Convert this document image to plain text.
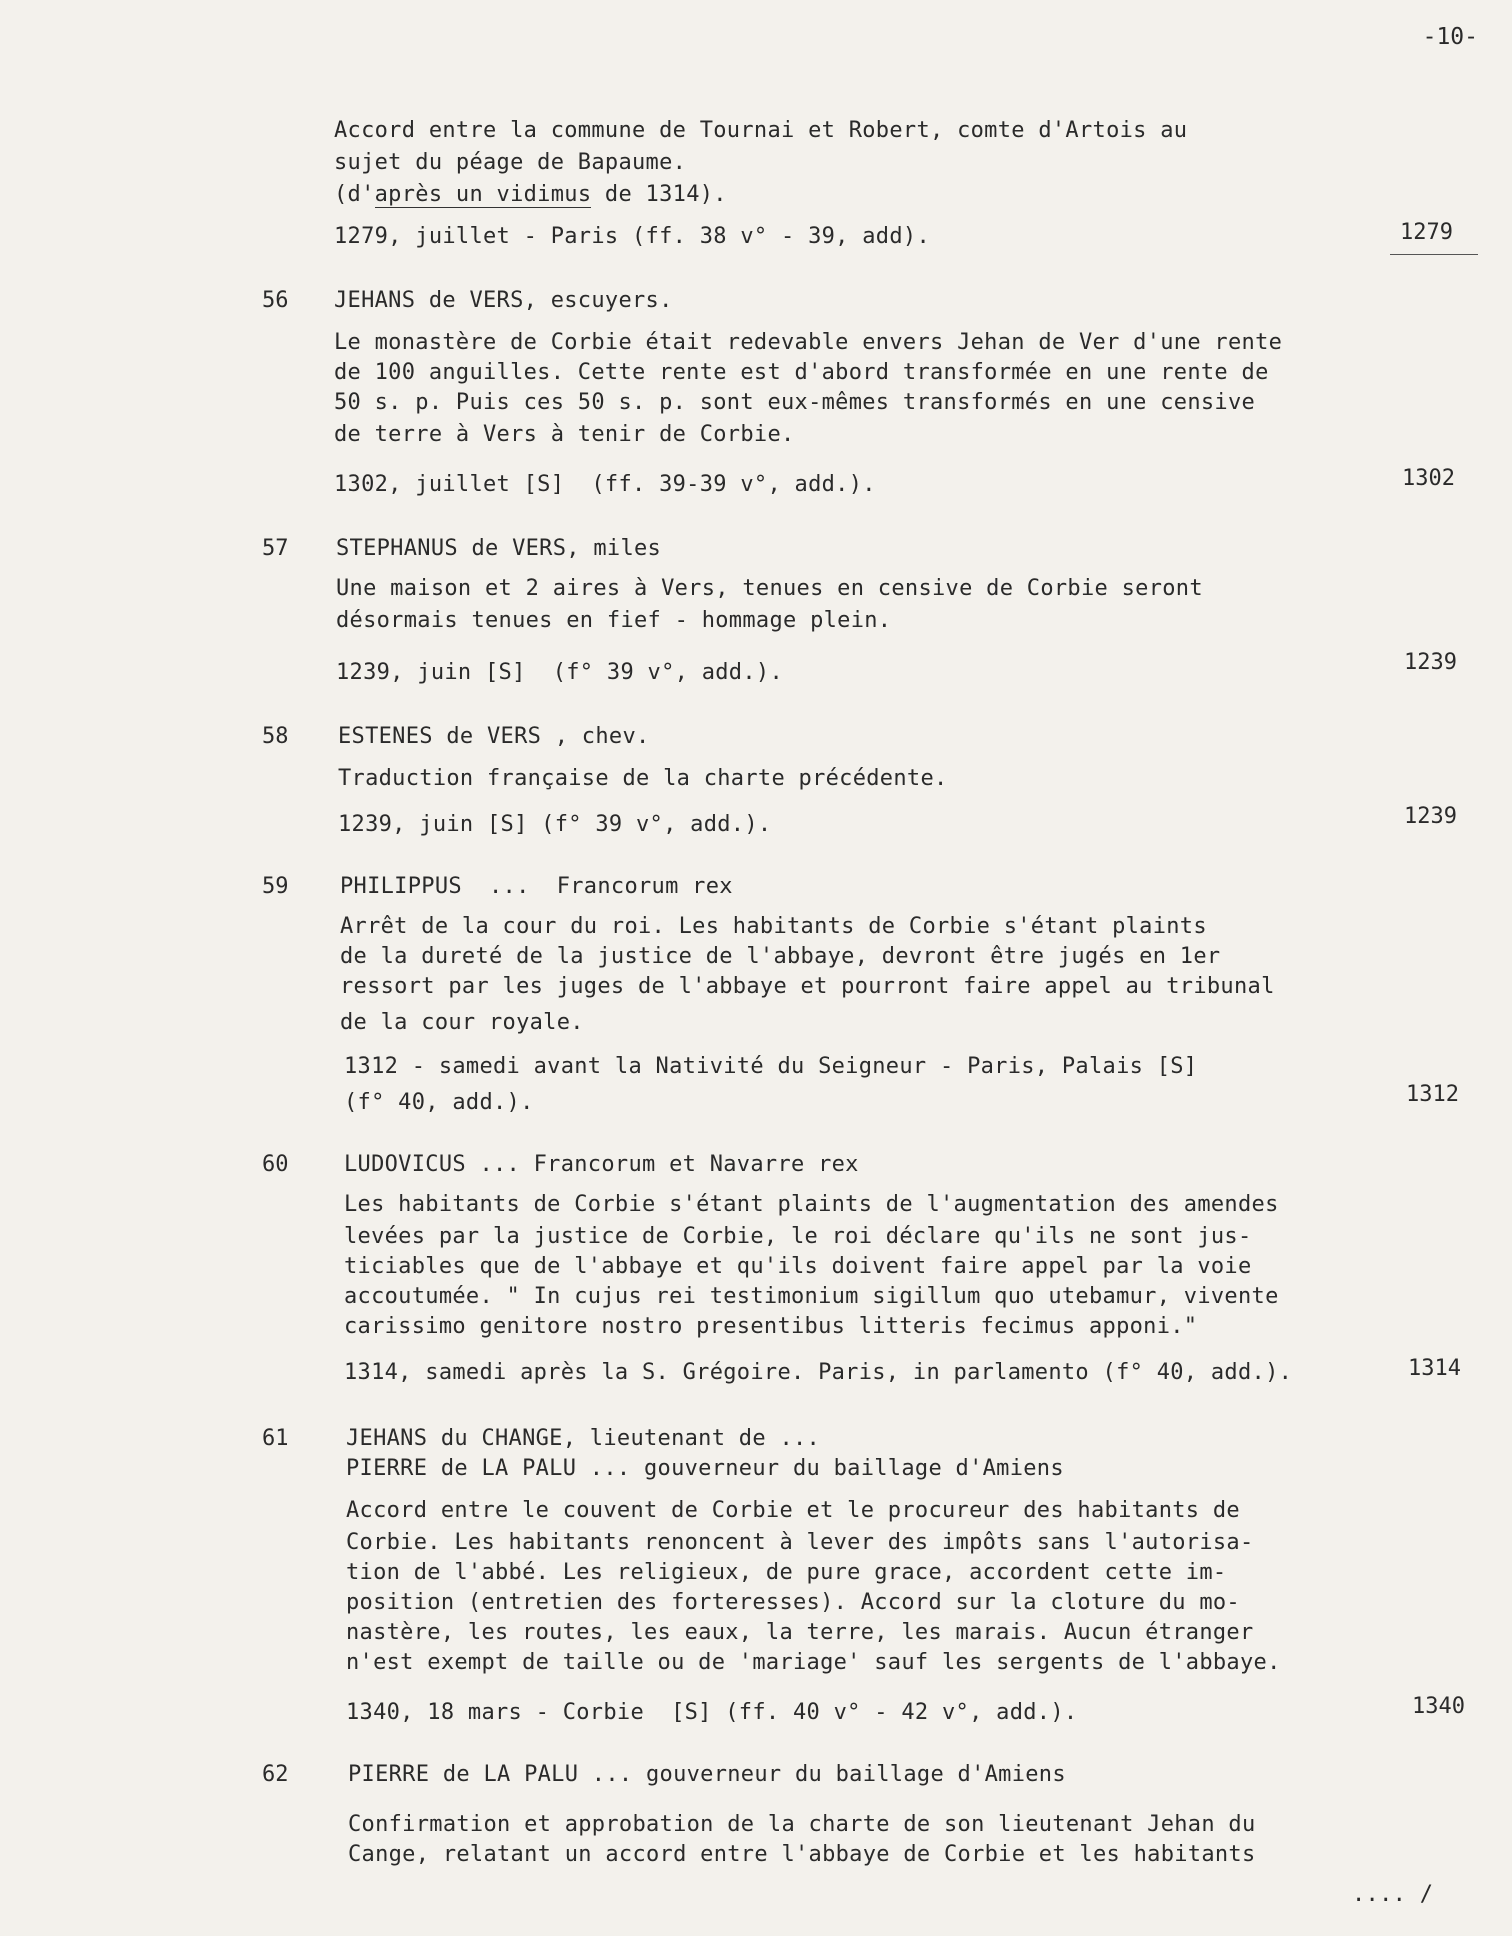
-10-
Accord entre la commune de Tournai et Robert, comte d'Artois au
sujet du péage de Bapaume.
(d'après un vidimus de 1314).
1279, juillet - Paris (ff. 38 v° - 39, add).	1279
56 JEHANS de VERS, escuyers.
Le monastère de Corbie était redevable envers Jehan de Ver d'une rente
de 100 anguilles. Cette rente est d'abord transformée en une rente de
50 s. p. Puis ces 50 s. p. sont eux-mêmes transformés en une censive
de terre à Vers à tenir de Corbie.
1302, juillet [S]  (ff. 39-39 v°, add.).	1302
57 STEPHANUS de VERS, miles
Une maison et 2 aires à Vers, tenues en censive de Corbie seront
désormais tenues en fief - hommage plein.
1239, juin [S]  (f° 39 v°, add.).	1239
58 ESTENES de VERS , chev.
Traduction française de la charte précédente.
1239, juin [S] (f° 39 v°, add.).	1239
59 PHILIPPUS  ...  Francorum rex
Arrêt de la cour du roi. Les habitants de Corbie s'étant plaints
de la dureté de la justice de l'abbaye, devront être jugés en 1er
ressort par les juges de l'abbaye et pourront faire appel au tribunal
de la cour royale.
1312 - samedi avant la Nativité du Seigneur - Paris, Palais [S]
(f° 40, add.).	1312
60	LUDOVICUS ... Francorum et Navarre rex
Les habitants de Corbie s'étant plaints de l'augmentation des amendes
levées par la justice de Corbie, le roi déclare qu'ils ne sont jus-
ticiables que de l'abbaye et qu'ils doivent faire appel par la voie
accoutumée. " In cujus rei testimonium sigillum quo utebamur, vivente
carissimo genitore nostro presentibus litteris fecimus apponi."
1314, samedi après la S. Grégoire. Paris, in parlamento (f° 40, add.).	1314
61	JEHANS du CHANGE, lieutenant de ...
PIERRE de LA PALU ... gouverneur du baillage d'Amiens
Accord entre le couvent de Corbie et le procureur des habitants de
Corbie. Les habitants renoncent à lever des impôts sans l'autorisa-
tion de l'abbé. Les religieux, de pure grace, accordent cette im-
position (entretien des forteresses). Accord sur la cloture du mo-
nastère, les routes, les eaux, la terre, les marais. Aucun étranger
n'est exempt de taille ou de 'mariage' sauf les sergents de l'abbaye.
1340, 18 mars - Corbie  [S] (ff. 40 v° - 42 v°, add.).	1340
62	PIERRE de LA PALU ... gouverneur du baillage d'Amiens
Confirmation et approbation de la charte de son lieutenant Jehan du
Cange, relatant un accord entre l'abbaye de Corbie et les habitants
.... /
